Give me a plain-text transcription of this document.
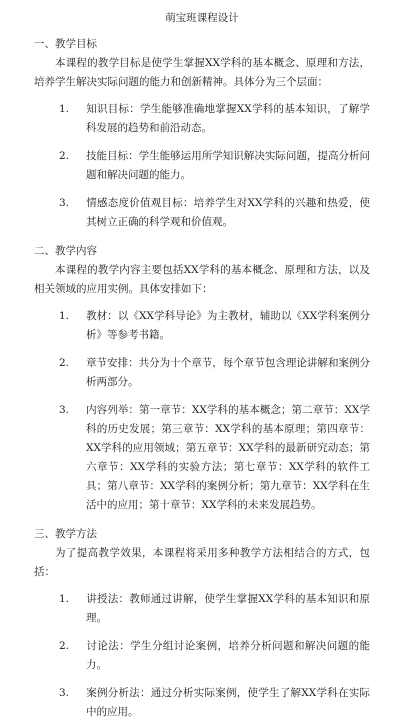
萌宝班课程设计
一、教学目标

本课程的教学目标是使学生掌握XX学科的基本概念、原理和方法，培养学生解决实际问题的能力和创新精神。具体分为三个层面：

1. 知识目标：学生能够准确地掌握XX学科的基本知识，了解学科发展的趋势和前沿动态。
2. 技能目标：学生能够运用所学知识解决实际问题，提高分析问题和解决问题的能力。
3. 情感态度价值观目标：培养学生对XX学科的兴趣和热爱，使其树立正确的科学观和价值观。
二、教学内容

本课程的教学内容主要包括XX学科的基本概念、原理和方法，以及相关领域的应用实例。具体安排如下：

1. 教材：以《XX学科导论》为主教材，辅助以《XX学科案例分析》等参考书籍。
2. 章节安排：共分为十个章节，每个章节包含理论讲解和案例分析两部分。
3. 内容列举：第一章节：XX学科的基本概念；第二章节：XX学科的历史发展；第三章节：XX学科的基本原理；第四章节：XX学科的应用领域；第五章节：XX学科的最新研究动态；第六章节：XX学科的实验方法；第七章节：XX学科的软件工具；第八章节：XX学科的案例分析；第九章节：XX学科在生活中的应用；第十章节：XX学科的未来发展趋势。
三、教学方法

为了提高教学效果，本课程将采用多种教学方法相结合的方式，包括：

1. 讲授法：教师通过讲解，使学生掌握XX学科的基本知识和原理。
2. 讨论法：学生分组讨论案例，培养分析问题和解决问题的能力。
3. 案例分析法：通过分析实际案例，使学生了解XX学科在实际中的应用。
